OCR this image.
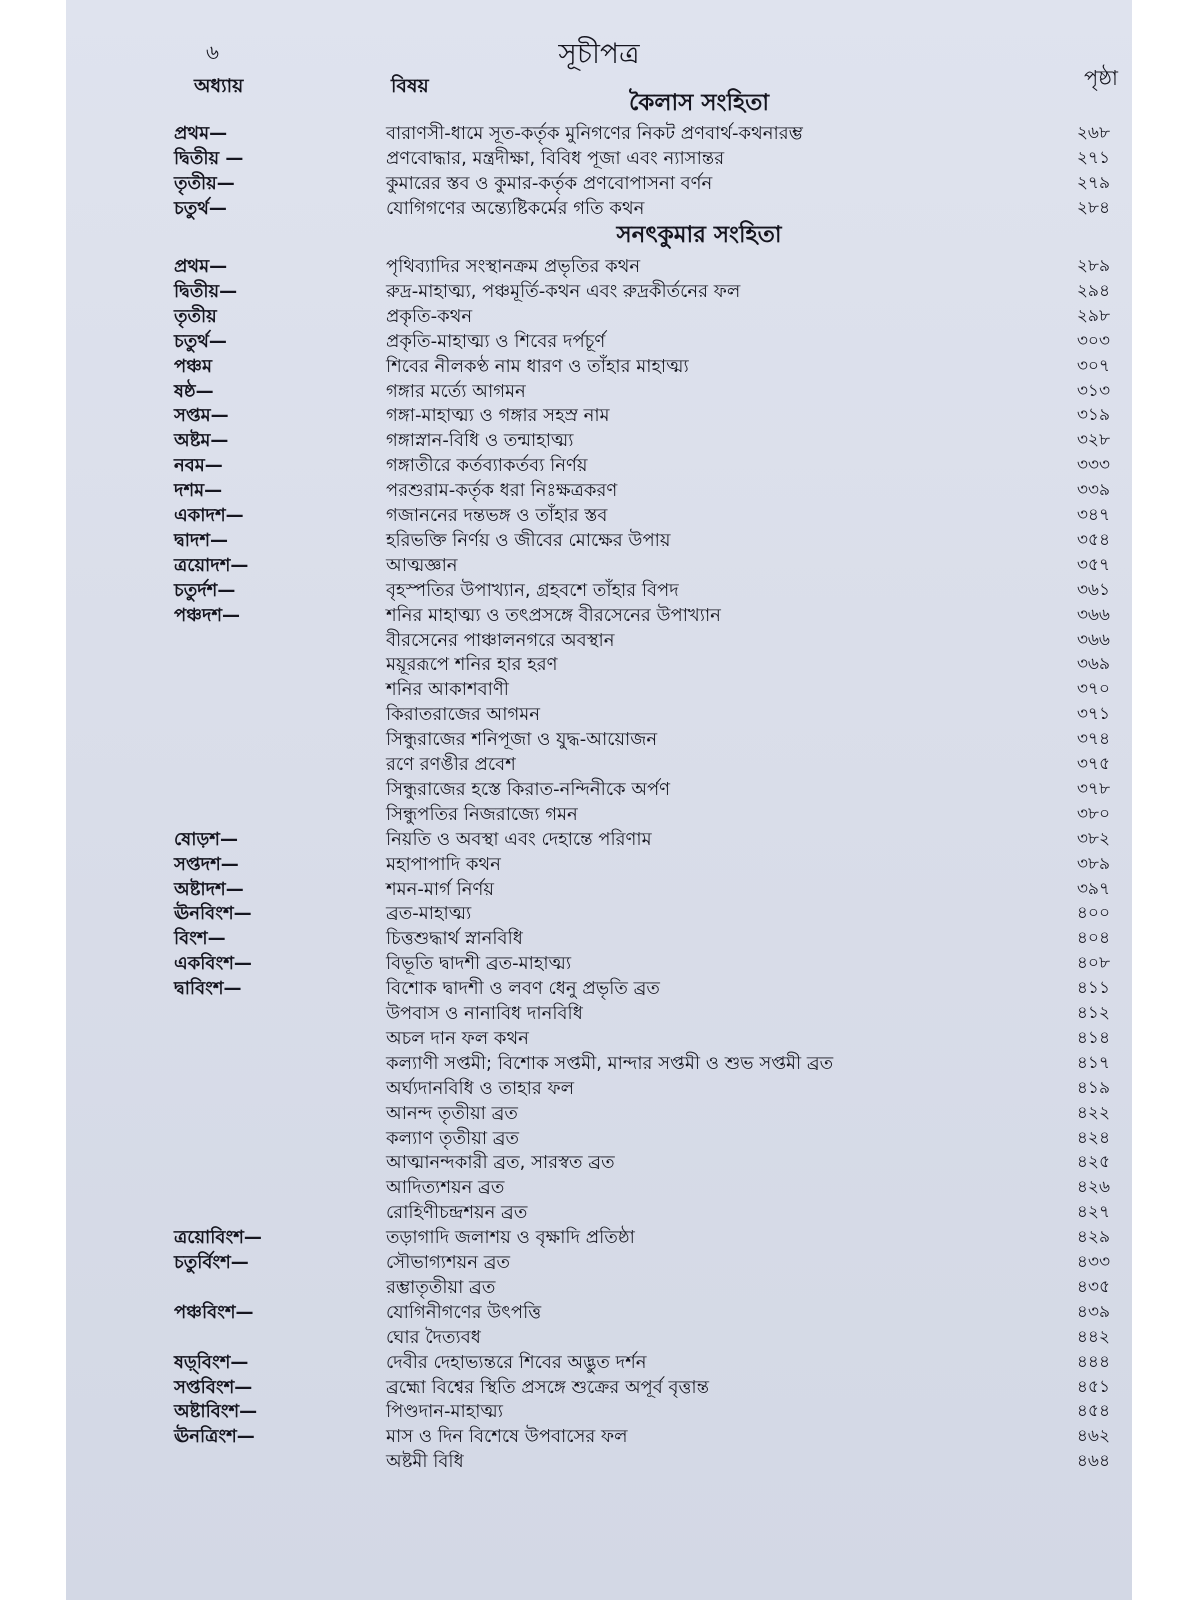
৬	সূচীপত্র
অধ্যায়	বিষয়	পৃষ্ঠা
কৈলাস সংহিতা
প্রথম—	বারাণসী-ধামে সূত-কর্তৃক মুনিগণের নিকট প্রণবার্থ-কথনারম্ভ	২৬৮
দ্বিতীয় —	প্রণবোদ্ধার, মন্ত্রদীক্ষা, বিবিধ পূজা এবং ন্যাসান্তর	২৭১
তৃতীয়—	কুমারের স্তব ও কুমার-কর্তৃক প্রণবোপাসনা বর্ণন	২৭৯
চতুর্থ—	যোগিগণের অন্ত্যেষ্টিকর্মের গতি কথন	২৮৪
সনৎকুমার সংহিতা
প্রথম—	পৃথিব্যাদির সংস্থানক্রম প্রভৃতির কথন	২৮৯
দ্বিতীয়—	রুদ্র-মাহাত্ম্য, পঞ্চমূর্তি-কথন এবং রুদ্রকীর্তনের ফল	২৯৪
তৃতীয়	প্রকৃতি-কথন	২৯৮
চতুর্থ—	প্রকৃতি-মাহাত্ম্য ও শিবের দর্পচূর্ণ	৩০৩
পঞ্চম	শিবের নীলকণ্ঠ নাম ধারণ ও তাঁহার মাহাত্ম্য	৩০৭
ষষ্ঠ—	গঙ্গার মর্ত্যে আগমন	৩১৩
সপ্তম—	গঙ্গা-মাহাত্ম্য ও গঙ্গার সহস্র নাম	৩১৯
অষ্টম—	গঙ্গাস্নান-বিধি ও তন্মাহাত্ম্য	৩২৮
নবম—	গঙ্গাতীরে কর্তব্যাকর্তব্য নির্ণয়	৩৩৩
দশম—	পরশুরাম-কর্তৃক ধরা নিঃক্ষত্রকরণ	৩৩৯
একাদশ—	গজাননের দন্তভঙ্গ ও তাঁহার স্তব	৩৪৭
দ্বাদশ—	হরিভক্তি নির্ণয় ও জীবের মোক্ষের উপায়	৩৫৪
ত্রয়োদশ—	আত্মজ্ঞান	৩৫৭
চতুর্দশ—	বৃহস্পতির উপাখ্যান, গ্রহবশে তাঁহার বিপদ	৩৬১
পঞ্চদশ—	শনির মাহাত্ম্য ও তৎপ্রসঙ্গে বীরসেনের উপাখ্যান	৩৬৬
বীরসেনের পাঞ্চালনগরে অবস্থান	৩৬৬
ময়ূররূপে শনির হার হরণ	৩৬৯
শনির আকাশবাণী	৩৭০
কিরাতরাজের আগমন	৩৭১
সিন্ধুরাজের শনিপূজা ও যুদ্ধ-আয়োজন	৩৭৪
রণে রণঙীর প্রবেশ	৩৭৫
সিন্ধুরাজের হস্তে কিরাত-নন্দিনীকে অর্পণ	৩৭৮
সিন্ধুপতির নিজরাজ্যে গমন	৩৮০
ষোড়শ—	নিয়তি ও অবস্থা এবং দেহান্তে পরিণাম	৩৮২
সপ্তদশ—	মহাপাপাদি কথন	৩৮৯
অষ্টাদশ—	শমন-মার্গ নির্ণয়	৩৯৭
ঊনবিংশ—	ব্রত-মাহাত্ম্য	৪০০
বিংশ—	চিত্তশুদ্ধার্থ স্নানবিধি	৪০৪
একবিংশ—	বিভূতি দ্বাদশী ব্রত-মাহাত্ম্য	৪০৮
দ্বাবিংশ—	বিশোক দ্বাদশী ও লবণ ধেনু প্রভৃতি ব্রত	৪১১
উপবাস ও নানাবিধ দানবিধি	৪১২
অচল দান ফল কথন	৪১৪
কল্যাণী সপ্তমী; বিশোক সপ্তমী, মান্দার সপ্তমী ও শুভ সপ্তমী ব্রত	৪১৭
অর্ঘ্যদানবিধি ও তাহার ফল	৪১৯
আনন্দ তৃতীয়া ব্রত	৪২২
কল্যাণ তৃতীয়া ব্রত	৪২৪
আত্মানন্দকারী ব্রত, সারস্বত ব্রত	৪২৫
আদিত্যশয়ন ব্রত	৪২৬
রোহিণীচন্দ্রশয়ন ব্রত	৪২৭
ত্রয়োবিংশ—	তড়াগাদি জলাশয় ও বৃক্ষাদি প্রতিষ্ঠা	৪২৯
চতুর্বিংশ—	সৌভাগ্যশয়ন ব্রত	৪৩৩
রম্ভাতৃতীয়া ব্রত	৪৩৫
পঞ্চবিংশ—	যোগিনীগণের উৎপত্তি	৪৩৯
ঘোর দৈত্যবধ	৪৪২
ষড়্‌বিংশ—	দেবীর দেহাভ্যন্তরে শিবের অদ্ভুত দর্শন	৪৪৪
সপ্তবিংশ—	ব্রহ্মো বিশ্বের স্থিতি প্রসঙ্গে শুক্রের অপূর্ব বৃত্তান্ত	৪৫১
অষ্টাবিংশ—	পিণ্ডদান-মাহাত্ম্য	৪৫৪
ঊনত্রিংশ—	মাস ও দিন বিশেষে উপবাসের ফল	৪৬২
অষ্টমী বিধি	৪৬৪
